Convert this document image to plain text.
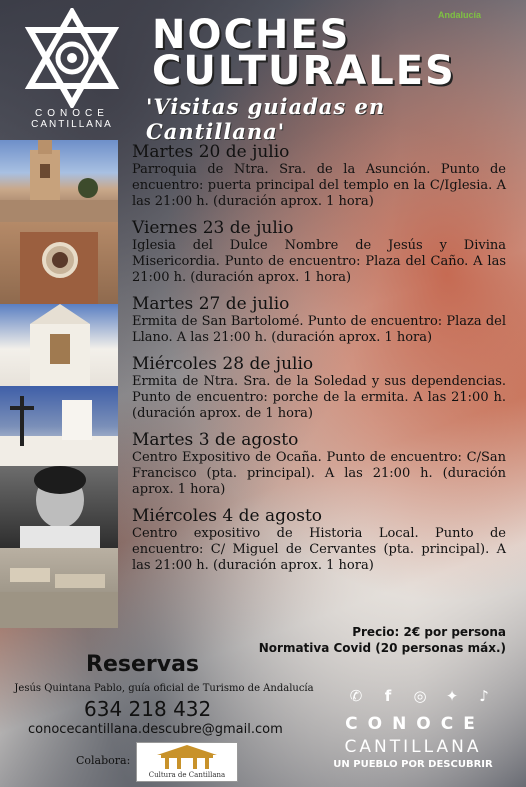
CONOCE
CANTILLANA
NOCHES
CULTURALES
'Visitas guiadas en Cantillana'
Andalucía
Martes 20 de julio
Parroquia de Ntra. Sra. de la Asunción. Punto de encuentro: puerta principal del templo en la C/Iglesia. A las 21:00 h. (duración aprox. 1 hora)
Viernes 23 de julio
Iglesia del Dulce Nombre de Jesús y Divina Misericordia. Punto de encuentro: Plaza del Caño. A las 21:00 h. (duración aprox. 1 hora)
Martes 27 de julio
Ermita de San Bartolomé. Punto de encuentro: Plaza del Llano. A las 21:00 h. (duración aprox. 1 hora)
Miércoles 28 de julio
Ermita de Ntra. Sra. de la Soledad y sus dependencias. Punto de encuentro: porche de la ermita. A las 21:00 h. (duración aprox. de 1 hora)
Martes 3 de agosto
Centro Expositivo de Ocaña. Punto de encuentro: C/San Francisco (pta. principal). A las 21:00 h. (duración aprox. 1 hora)
Miércoles 4 de agosto
Centro expositivo de Historia Local. Punto de encuentro: C/ Miguel de Cervantes (pta. principal). A las 21:00 h. (duración aprox. 1 hora)
Precio: 2€ por persona
Normativa Covid (20 personas máx.)
Reservas
Jesús Quintana Pablo, guía oficial de Turismo de Andalucía
634 218 432
conocecantillana.descubre@gmail.com
Colabora:
Cultura de Cantillana
✆	f	◎	✦	♪
CONOCE
CANTILLANA
UN PUEBLO POR DESCUBRIR
